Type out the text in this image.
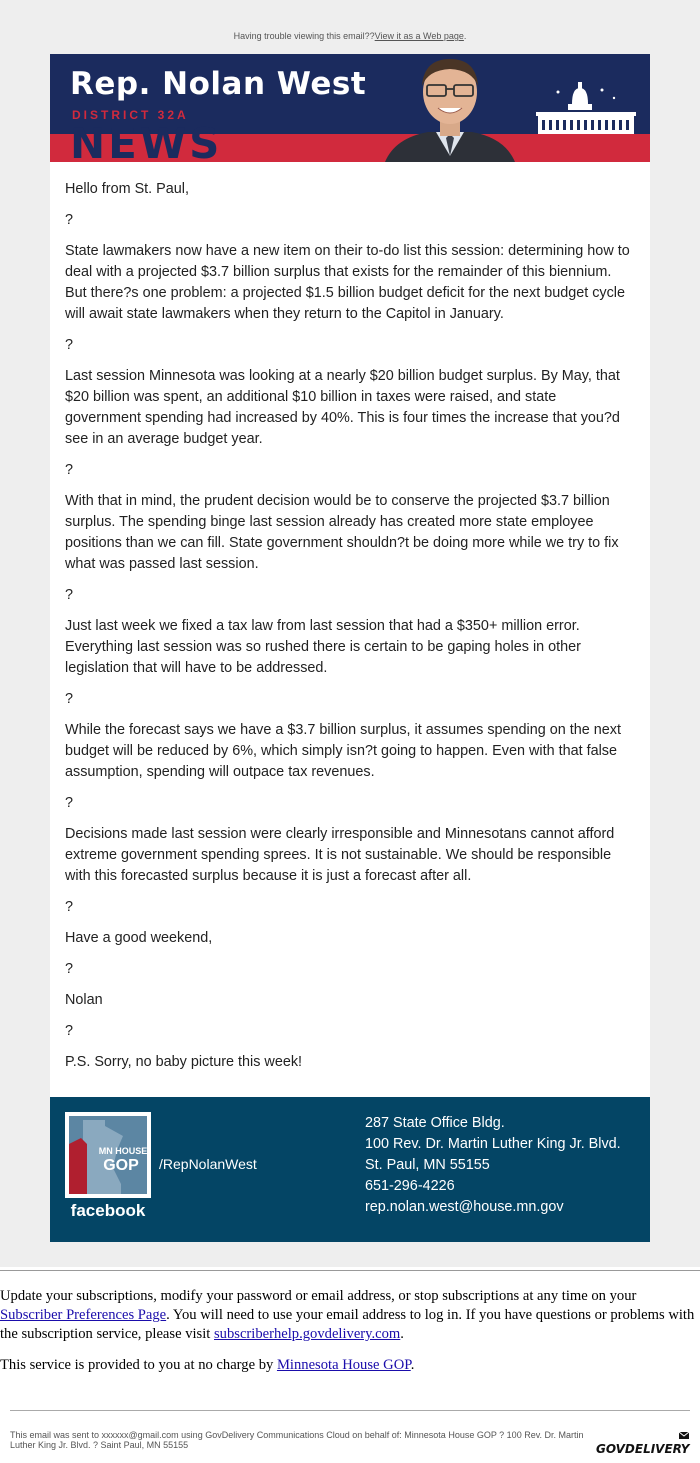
Having trouble viewing this email??View it as a Web page.
Rep. Nolan West
DISTRICT 32A
NEWS

Hello from St. Paul,

?

State lawmakers now have a new item on their to-do list this session: determining how to deal with a projected $3.7 billion surplus that exists for the remainder of this biennium. But there?s one problem: a projected $1.5 billion budget deficit for the next budget cycle will await state lawmakers when they return to the Capitol in January.

?

Last session Minnesota was looking at a nearly $20 billion budget surplus. By May, that $20 billion was spent, an additional $10 billion in taxes were raised, and state government spending had increased by 40%. This is four times the increase that you?d see in an average budget year.

?

With that in mind, the prudent decision would be to conserve the projected $3.7 billion surplus. The spending binge last session already has created more state employee positions than we can fill. State government shouldn?t be doing more while we try to fix what was passed last session.

?

Just last week we fixed a tax law from last session that had a $350+ million error. Everything last session was so rushed there is certain to be gaping holes in other legislation that will have to be addressed.

?

While the forecast says we have a $3.7 billion surplus, it assumes spending on the next budget will be reduced by 6%, which simply isn?t going to happen. Even with that false assumption, spending will outpace tax revenues.

?

Decisions made last session were clearly irresponsible and Minnesotans cannot afford extreme government spending sprees. It is not sustainable. We should be responsible with this forecasted surplus because it is just a forecast after all.

?

Have a good weekend,

?

Nolan

?

P.S. Sorry, no baby picture this week!

MN HOUSE
GOP
facebook
/RepNolanWest
287 State Office Bldg.
100 Rev. Dr. Martin Luther King Jr. Blvd.
St. Paul, MN 55155
651-296-4226
rep.nolan.west@house.mn.gov
Update your subscriptions, modify your password or email address, or stop subscriptions at any time on your Subscriber Preferences Page. You will need to use your email address to log in. If you have questions or problems with the subscription service, please visit subscriberhelp.govdelivery.com.
This service is provided to you at no charge by Minnesota House GOP.
This email was sent to xxxxxx@gmail.com using GovDelivery Communications Cloud on behalf of: Minnesota House GOP ? 100 Rev. Dr. Martin Luther King Jr. Blvd. ? Saint Paul, MN 55155	GOVDELIVERY
